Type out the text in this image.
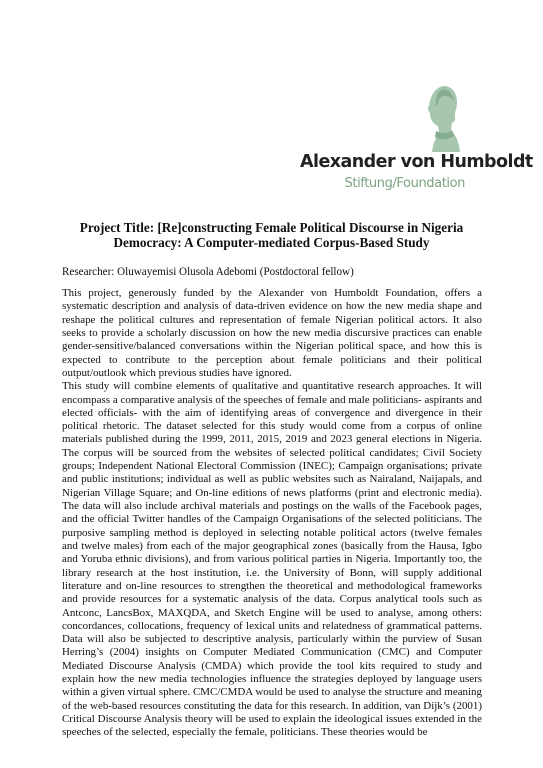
Alexander von Humboldt
Stiftung/Foundation
Project Title: [Re]constructing Female Political Discourse in Nigeria
Democracy: A Computer-mediated Corpus-Based Study

Researcher: Oluwayemisi Olusola Adebomi (Postdoctoral fellow)

This project, generously funded by the Alexander von Humboldt Foundation, offers a systematic description and analysis of data-driven evidence on how the new media shape and reshape the political cultures and representation of female Nigerian political actors. It also seeks to provide a scholarly discussion on how the new media discursive practices can enable gender-sensitive/balanced conversations within the Nigerian political space, and how this is expected to contribute to the perception about female politicians and their political output/outlook which previous studies have ignored.

This study will combine elements of qualitative and quantitative research approaches. It will encompass a comparative analysis of the speeches of female and male politicians- aspirants and elected officials- with the aim of identifying areas of convergence and divergence in their political rhetoric. The dataset selected for this study would come from a corpus of online materials published during the 1999, 2011, 2015, 2019 and 2023 general elections in Nigeria. The corpus will be sourced from the websites of selected political candidates; Civil Society groups; Independent National Electoral Commission (INEC); Campaign organisations; private and public institutions; individual as well as public websites such as Nairaland, Naijapals, and Nigerian Village Square; and On-line editions of news platforms (print and electronic media). The data will also include archival materials and postings on the walls of the Facebook pages, and the official Twitter handles of the Campaign Organisations of the selected politicians. The purposive sampling method is deployed in selecting notable political actors (twelve females and twelve males) from each of the major geographical zones (basically from the Hausa, Igbo and Yoruba ethnic divisions), and from various political parties in Nigeria. Importantly too, the library research at the host institution, i.e. the University of Bonn, will supply additional literature and on-line resources to strengthen the theoretical and methodological frameworks and provide resources for a systematic analysis of the data. Corpus analytical tools such as Antconc, LancsBox, MAXQDA, and Sketch Engine will be used to analyse, among others: concordances, collocations, frequency of lexical units and relatedness of grammatical patterns. Data will also be subjected to descriptive analysis, particularly within the purview of Susan Herring’s (2004) insights on Computer Mediated Communication (CMC) and Computer Mediated Discourse Analysis (CMDA) which provide the tool kits required to study and explain how the new media technologies influence the strategies deployed by language users within a given virtual sphere. CMC/CMDA would be used to analyse the structure and meaning of the web-based resources constituting the data for this research. In addition, van Dijk’s (2001) Critical Discourse Analysis theory will be used to explain the ideological issues extended in the speeches of the selected, especially the female, politicians. These theories would be
